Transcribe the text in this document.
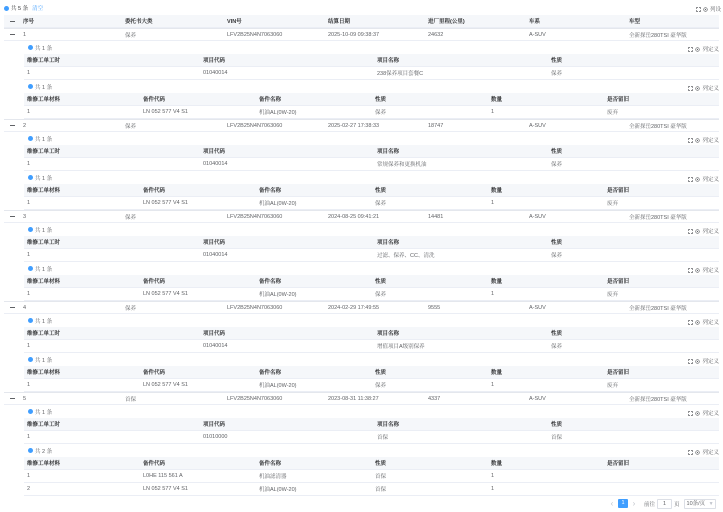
共 5 条 清空	列设
序号	委托书大类	VIN号	结算日期	进厂里程(公里)	车系	车型
1	保养	LFV2B25N4N7063060	2025-10-09 09:38:37	24632	A-SUV	全新探岳280TSI 豪华版
共 1 条	列定义
维修工单工时	项目代码	项目名称	性质
1	01040014	238保养项目套餐C	保养
共 1 条	列定义
维修工单材料	备件代码	备件名称	性质	数量	是否留旧
1	LN 052 577 V4 S1	机油AL(0W-20)	保养	1	废弃
2	保养	LFV2B25N4N7063060	2025-02-27 17:38:33	18747	A-SUV	全新探岳280TSI 豪华版
共 1 条	列定义
维修工单工时	项目代码	项目名称	性质
1	01040014	常规保养和更换机油	保养
共 1 条	列定义
维修工单材料	备件代码	备件名称	性质	数量	是否留旧
1	LN 052 577 V4 S1	机油AL(0W-20)	保养	1	废弃
3	保养	LFV2B25N4N7063060	2024-08-25 09:41:21	14481	A-SUV	全新探岳280TSI 豪华版
共 1 条	列定义
维修工单工时	项目代码	项目名称	性质
1	01040014	过滤、保养、CC、清洗	保养
共 1 条	列定义
维修工单材料	备件代码	备件名称	性质	数量	是否留旧
1	LN 052 577 V4 S1	机油AL(0W-20)	保养	1	废弃
4	保养	LFV2B25N4N7063060	2024-02-29 17:49:55	9555	A-SUV	全新探岳280TSI 豪华版
共 1 条	列定义
维修工单工时	项目代码	项目名称	性质
1	01040014	增值项目A级别保养	保养
共 1 条	列定义
维修工单材料	备件代码	备件名称	性质	数量	是否留旧
1	LN 052 577 V4 S1	机油AL(0W-20)	保养	1	废弃
5	首保	LFV2B25N4N7063060	2023-08-31 11:38:27	4337	A-SUV	全新探岳280TSI 豪华版
共 1 条	列定义
维修工单工时	项目代码	项目名称	性质
1	01010000	首保	首保
共 2 条	列定义
维修工单材料	备件代码	备件名称	性质	数量	是否留旧
1	L0HE 115 561 A	机油滤清器	首保	1
2	LN 052 577 V4 S1	机油AL(0W-20)	首保	1
‹	1	›	前往	1	页 10条/页 ▼
